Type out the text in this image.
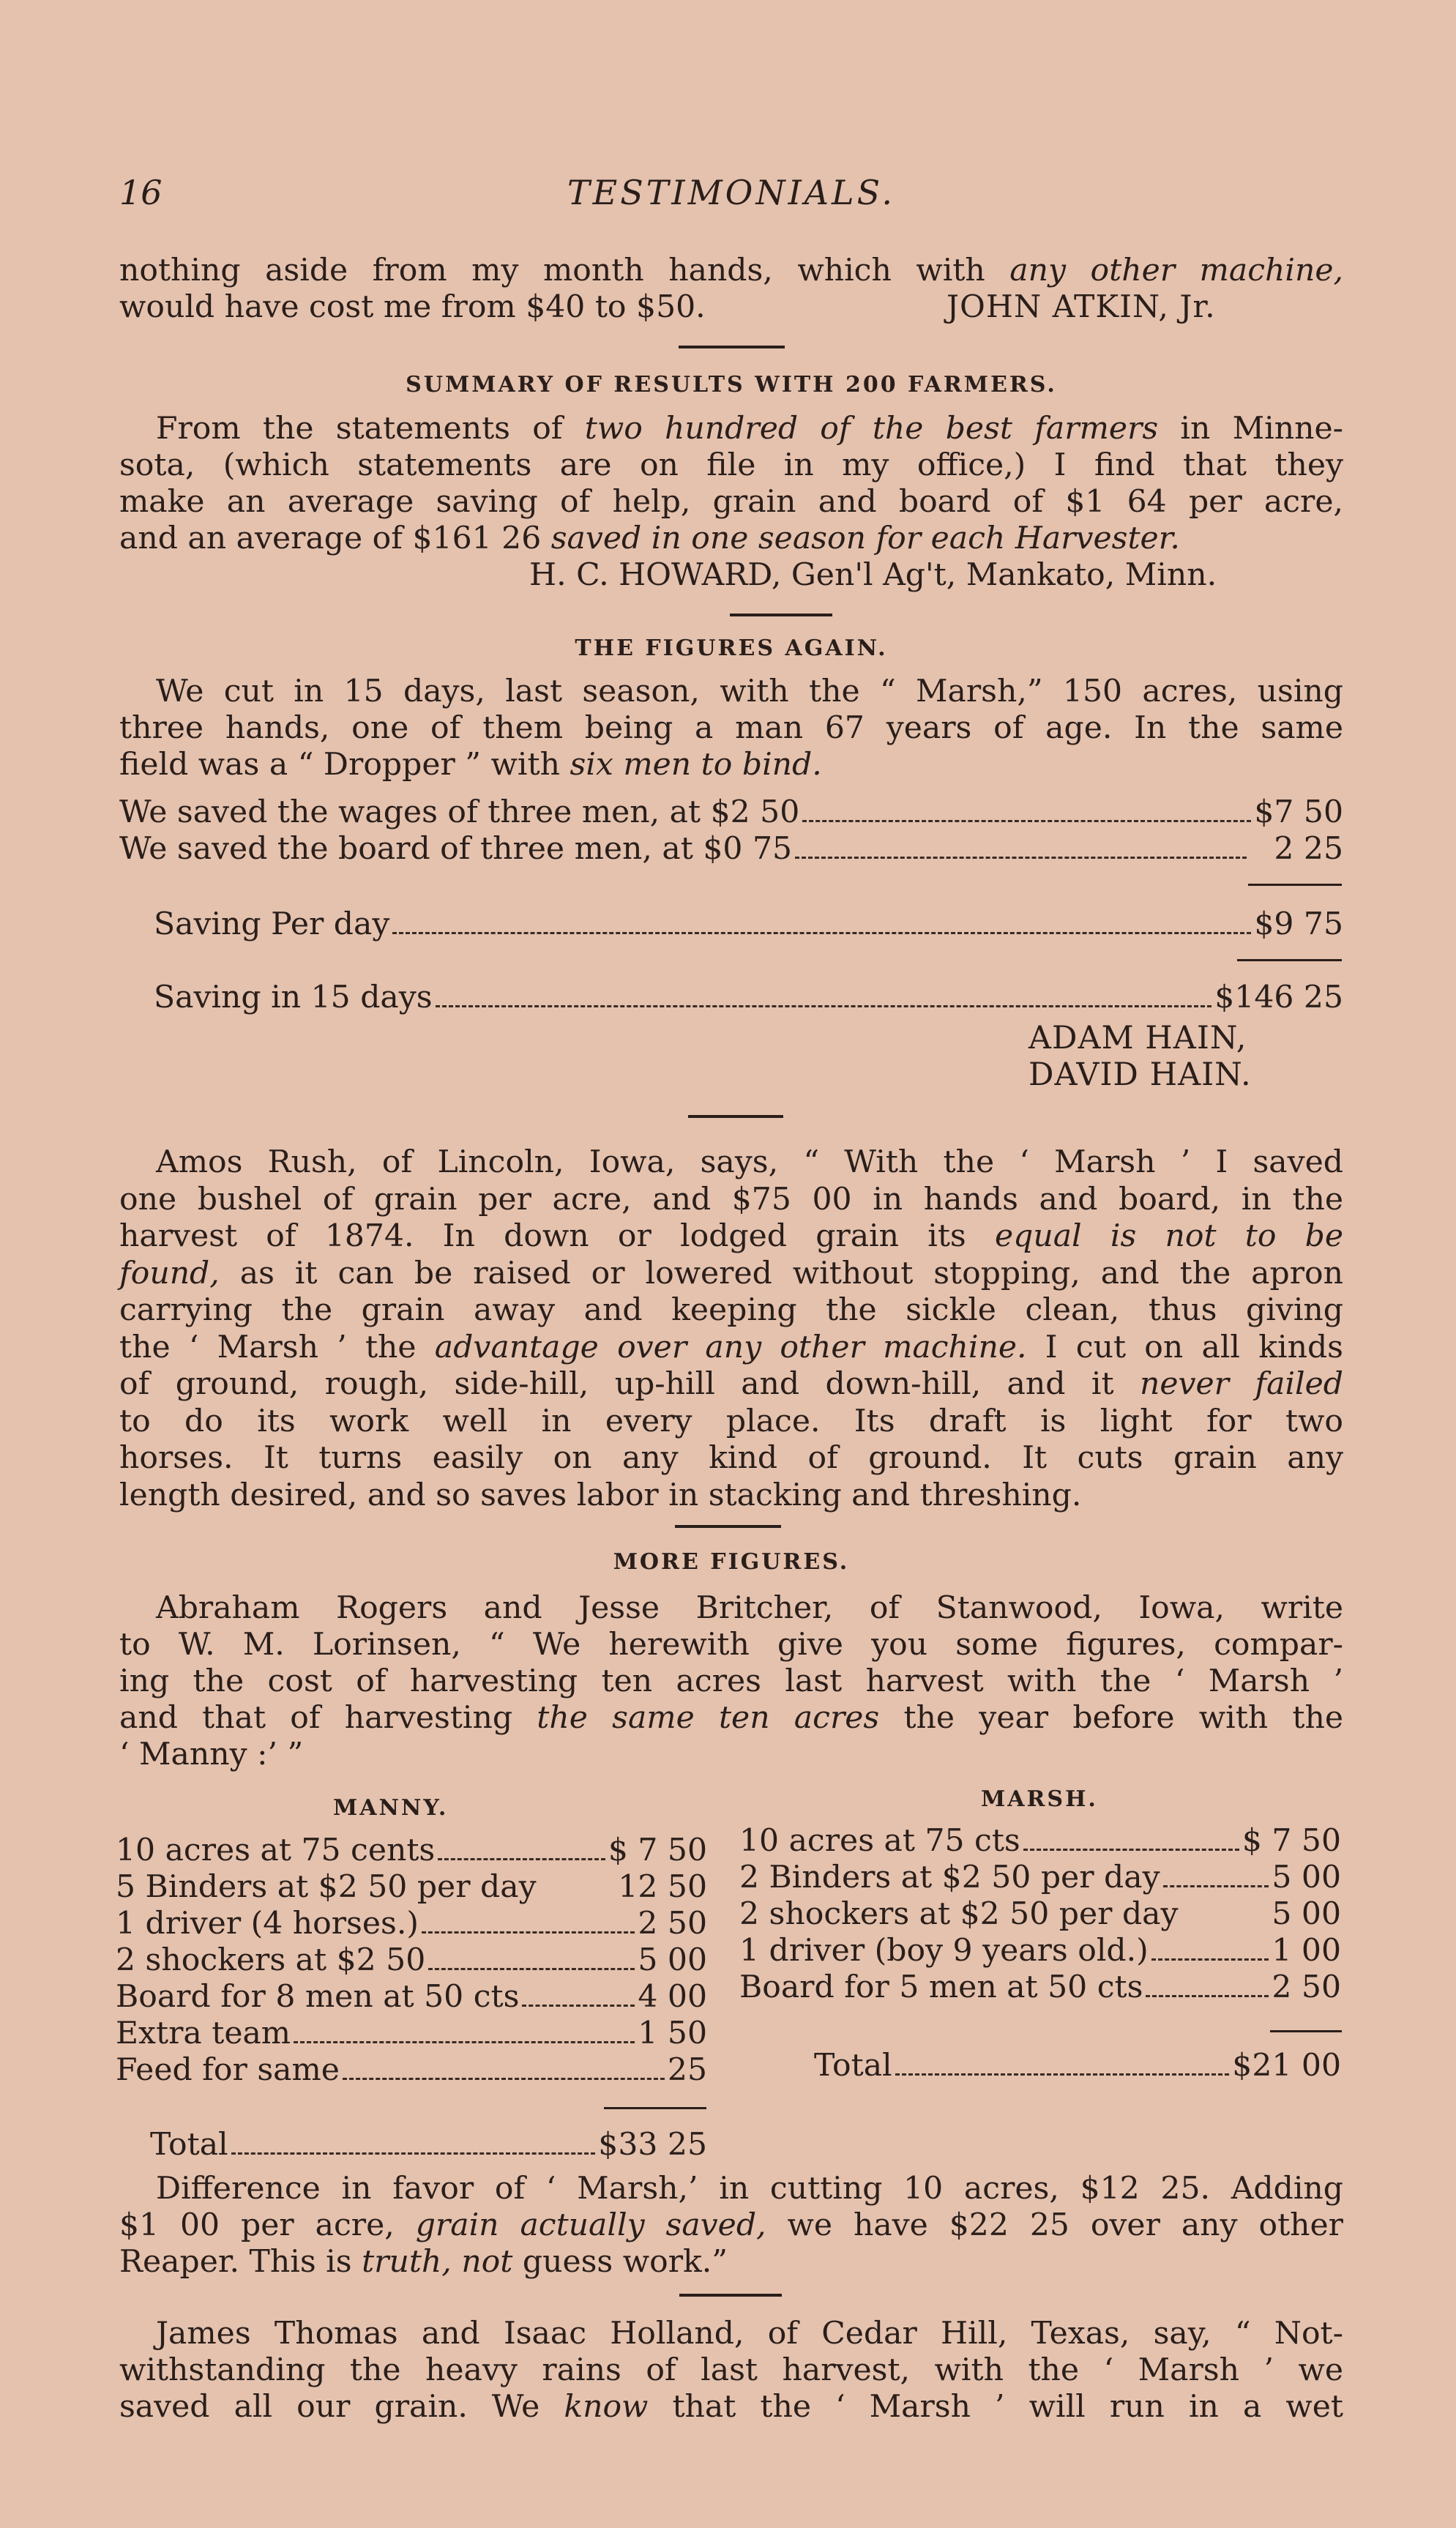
16	TESTIMONIALS.
nothing aside from my month hands, which with any other machine,
would have cost me from $40 to $50.	JOHN ATKIN, Jr.
SUMMARY OF RESULTS WITH 200 FARMERS.
From the statements of two hundred of the best farmers in Minne-
sota, (which statements are on file in my office,) I find that they
make an average saving of help, grain and board of $1 64 per acre,
and an average of $161 26 saved in one season for each Harvester.
H. C. HOWARD, Gen'l Ag't, Mankato, Minn.
THE FIGURES AGAIN.
We cut in 15 days, last season, with the “ Marsh,” 150 acres, using
three hands, one of them being a man 67 years of age. In the same
field was a “ Dropper ” with six men to bind.
We saved the wages of three men, at $2 50	$7 50
We saved the board of three men, at $0 75	2 25
Saving Per day	$9 75
Saving in 15 days	$146 25
ADAM HAIN,
DAVID HAIN.
Amos Rush, of Lincoln, Iowa, says, “ With the ‘ Marsh ’ I saved
one bushel of grain per acre, and $75 00 in hands and board, in the
harvest of 1874. In down or lodged grain its equal is not to be
found, as it can be raised or lowered without stopping, and the apron
carrying the grain away and keeping the sickle clean, thus giving
the ‘ Marsh ’ the advantage over any other machine. I cut on all kinds
of ground, rough, side-hill, up-hill and down-hill, and it never failed
to do its work well in every place. Its draft is light for two
horses. It turns easily on any kind of ground. It cuts grain any
length desired, and so saves labor in stacking and threshing.
MORE FIGURES.
Abraham Rogers and Jesse Britcher, of Stanwood, Iowa, write
to W. M. Lorinsen, “ We herewith give you some figures, compar-
ing the cost of harvesting ten acres last harvest with the ‘ Marsh ’
and that of harvesting the same ten acres the year before with the
‘ Manny :’ ”
MANNY.	MARSH.
10 acres at 75 cents	$ 7 50
5 Binders at $2 50 per day	12 50
1 driver (4 horses.)	2 50
2 shockers at $2 50	5 00
Board for 8 men at 50 cts	4 00
Extra team	1 50
Feed for same	25
Total	$33 25
10 acres at 75 cts	$ 7 50
2 Binders at $2 50 per day	5 00
2 shockers at $2 50 per day	5 00
1 driver (boy 9 years old.)	1 00
Board for 5 men at 50 cts	2 50
Total	$21 00
Difference in favor of ‘ Marsh,’ in cutting 10 acres, $12 25. Adding
$1 00 per acre, grain actually saved, we have $22 25 over any other
Reaper. This is truth, not guess work.”
James Thomas and Isaac Holland, of Cedar Hill, Texas, say, “ Not-
withstanding the heavy rains of last harvest, with the ‘ Marsh ’ we
saved all our grain. We know that the ‘ Marsh ’ will run in a wet
